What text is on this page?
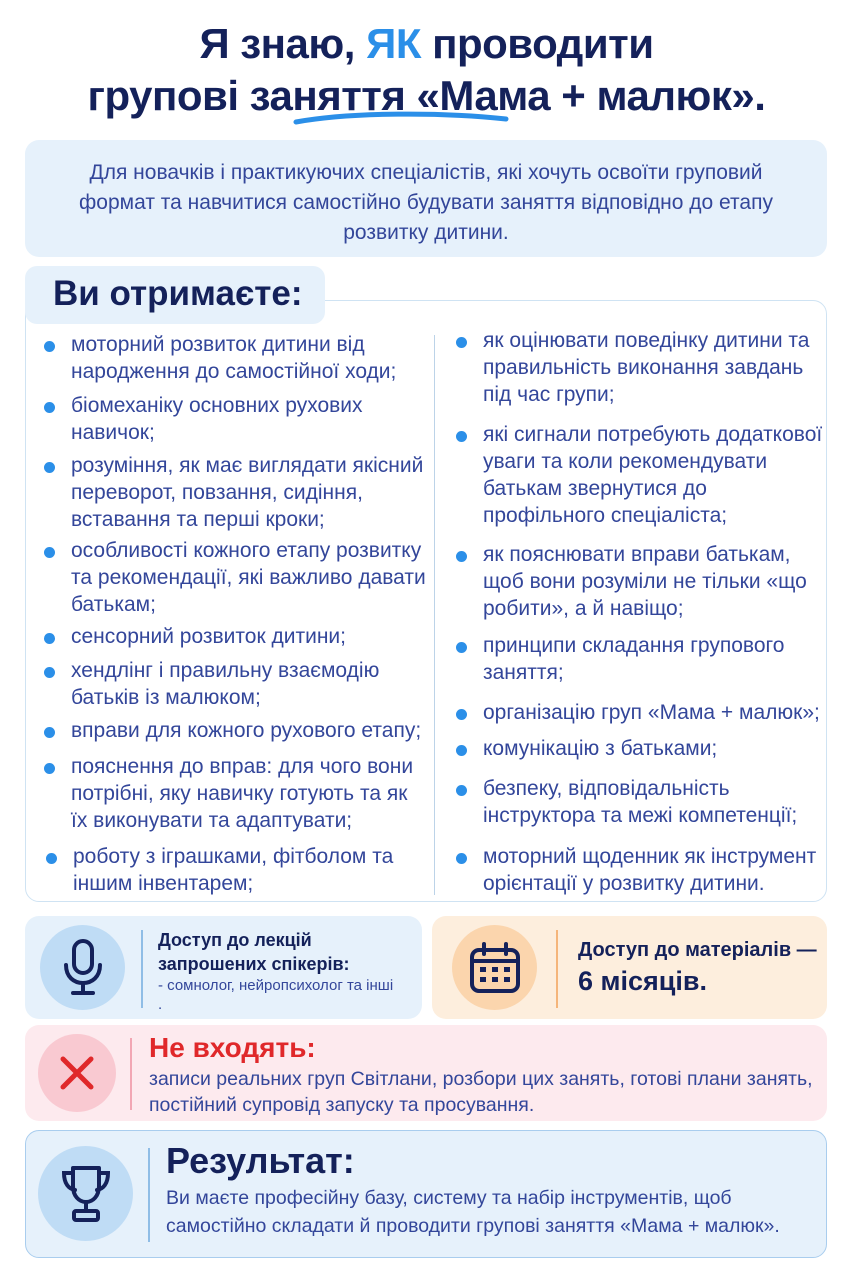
Я знаю, ЯК проводити
групові заняття «Мама + малюк».
Для новачків і практикуючих спеціалістів, які хочуть освоїти груповий формат та навчитися самостійно будувати заняття відповідно до етапу розвитку дитини.
Ви отримаєте:
моторний розвиток дитини від народження до самостійної ходи;
біомеханіку основних рухових навичок;
розуміння, як має виглядати якісний переворот, повзання, сидіння, вставання та перші кроки;
особливості кожного етапу розвитку та рекомендації, які важливо давати батькам;
сенсорний розвиток дитини;
хендлінг і правильну взаємодію батьків із малюком;
вправи для кожного рухового етапу;
пояснення до вправ: для чого вони потрібні, яку навичку готують та як їх виконувати та адаптувати;
роботу з іграшками, фітболом та іншим інвентарем;
як оцінювати поведінку дитини та правильність виконання завдань під час групи;
які сигнали потребують додаткової уваги та коли рекомендувати батькам звернутися до профільного спеціаліста;
як пояснювати вправи батькам, щоб вони розуміли не тільки «що робити», а й навіщо;
принципи складання групового заняття;
організацію груп «Мама + малюк»;
комунікацію з батьками;
безпеку, відповідальність інструктора та межі компетенції;
моторний щоденник як інструмент орієнтації у розвитку дитини.
Доступ до лекцій запрошених спікерів:
- сомнолог, нейропсихолог та інші .
Доступ до матеріалів —
6 місяців.
Не входять:
записи реальних груп Світлани, розбори цих занять, готові плани занять, постійний супровід запуску та просування.
Результат:
Ви маєте професійну базу, систему та набір інструментів, щоб самостійно складати й проводити групові заняття «Мама + малюк».
